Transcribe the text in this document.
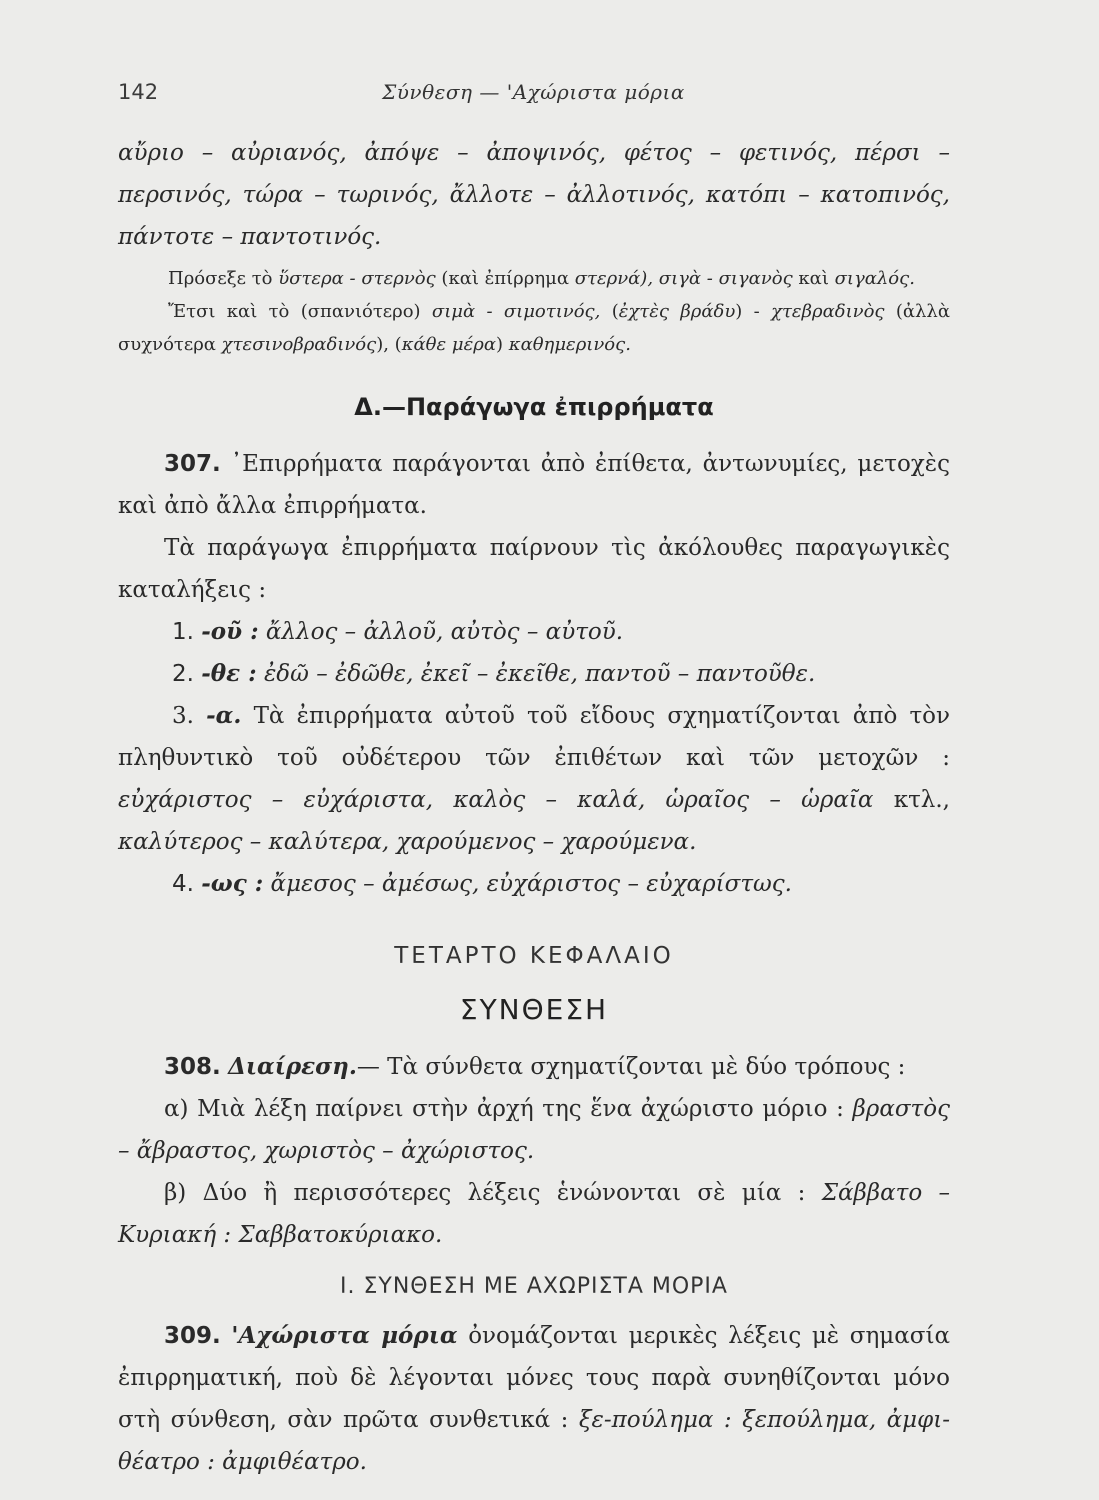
142	Σύνθεση — 'Αχώριστα μόρια

αὔριο – αὐριανός, ἀπόψε – ἀποψινός, φέτος – φετινός, πέρσι – περσινός, τώρα – τωρινός, ἄλλοτε – ἀλλοτινός, κατόπι – κατοπινός, πάντοτε – παντοτινός.

Πρόσεξε τὸ ὕστερα - στερνὸς (καὶ ἐπίρρημα στερνά), σιγὰ - σιγανὸς καὶ σιγαλός.

Ἔτσι καὶ τὸ (σπανιότερο) σιμὰ - σιμοτινός, (ἐχτὲς βράδυ) - χτεβραδινὸς (ἀλλὰ συχνότερα χτεσινοβραδινός), (κάθε μέρα) καθημερινός.

Δ.—Παράγωγα ἐπιρρήματα

307. ᾿Επιρρήματα παράγονται ἀπὸ ἐπίθετα, ἀντωνυμίες, μετοχὲς καὶ ἀπὸ ἄλλα ἐπιρρήματα.

Τὰ παράγωγα ἐπιρρήματα παίρνουν τὶς ἀκόλουθες παραγωγικὲς καταλήξεις :

1. -οῦ : ἄλλος – ἀλλοῦ, αὐτὸς – αὐτοῦ.

2. -θε : ἐδῶ – ἐδῶθε, ἐκεῖ – ἐκεῖθε, παντοῦ – παντοῦθε.

3. -α. Τὰ ἐπιρρήματα αὐτοῦ τοῦ εἴδους σχηματίζονται ἀπὸ τὸν πληθυντικὸ τοῦ οὐδέτερου τῶν ἐπιθέτων καὶ τῶν μετοχῶν : εὐχάριστος – εὐχάριστα, καλὸς – καλά, ὡραῖος – ὡραῖα κτλ., καλύτερος – καλύτερα, χαρούμενος – χαρούμενα.

4. -ως : ἄμεσος – ἀμέσως, εὐχάριστος – εὐχαρίστως.

ΤΕΤΑΡΤΟ ΚΕΦΑΛΑΙΟ
ΣΥΝΘΕΣΗ

308. Διαίρεση.— Τὰ σύνθετα σχηματίζονται μὲ δύο τρόπους :

α) Μιὰ λέξη παίρνει στὴν ἀρχή της ἕνα ἀχώριστο μόριο : βραστὸς – ἄβραστος, χωριστὸς – ἀχώριστος.

β) Δύο ἢ περισσότερες λέξεις ἑνώνονται σὲ μία : Σάββατο – Κυριακή : Σαββατοκύριακο.

Ι. ΣΥΝΘΕΣΗ ΜΕ ΑΧΩΡΙΣΤΑ ΜΟΡΙΑ

309. 'Αχώριστα μόρια ὀνομάζονται μερικὲς λέξεις μὲ σημασία ἐπιρρηματική, ποὺ δὲ λέγονται μόνες τους παρὰ συνηθίζονται μόνο στὴ σύνθεση, σὰν πρῶτα συνθετικά : ξε-πούλημα : ξεπούλημα, ἀμφι-θέατρο : ἀμφιθέατρο.
